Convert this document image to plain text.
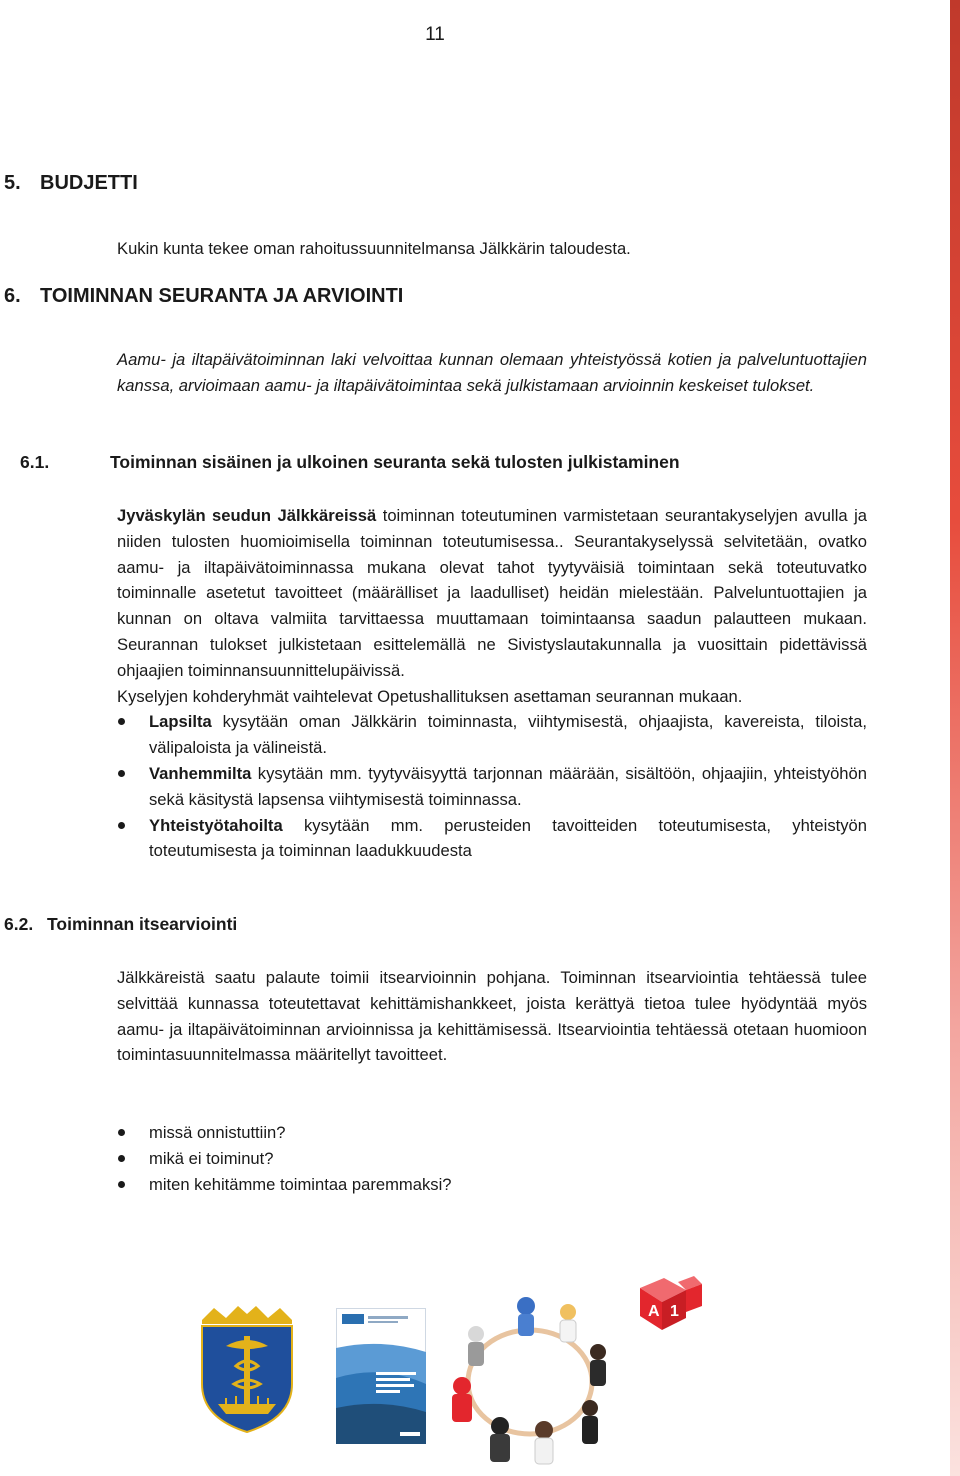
11
5. BUDJETTI
Kukin kunta tekee oman rahoitussuunnitelmansa Jälkkärin taloudesta.
6. TOIMINNAN SEURANTA JA ARVIOINTI
Aamu- ja iltapäivätoiminnan laki velvoittaa kunnan olemaan yhteistyössä kotien ja palveluntuottajien kanssa, arvioimaan aamu- ja iltapäivätoimintaa sekä julkistamaan arvioinnin keskeiset tulokset.
6.1.	Toiminnan sisäinen ja ulkoinen seuranta sekä tulosten julkistaminen

Jyväskylän seudun Jälkkäreissä toiminnan toteutuminen varmistetaan seurantakyselyjen avulla ja niiden tulosten huomioimisella toiminnan toteutumisessa.. Seurantakyselyssä selvitetään, ovatko aamu- ja iltapäivätoiminnassa mukana olevat tahot tyytyväisiä toimintaan sekä toteutuvatko toiminnalle asetetut tavoitteet (määrälliset ja laadulliset) heidän mielestään. Palveluntuottajien ja kunnan on oltava valmiita tarvittaessa muuttamaan toimintaansa saadun palautteen mukaan. Seurannan tulokset julkistetaan esittelemällä ne Sivistyslautakunnalla ja vuosittain pidettävissä ohjaajien toiminnansuunnittelupäivissä.

Kyselyjen kohderyhmät vaihtelevat Opetushallituksen asettaman seurannan mukaan.

Lapsilta kysytään oman Jälkkärin toiminnasta, viihtymisestä, ohjaajista, kavereista, tiloista, välipaloista ja välineistä.
Vanhemmilta kysytään mm. tyytyväisyyttä tarjonnan määrään, sisältöön, ohjaajiin, yhteistyöhön sekä käsitystä lapsensa viihtymisestä toiminnassa.
Yhteistyötahoilta kysytään mm. perusteiden tavoitteiden toteutumisesta, yhteistyön toteutumisesta ja toiminnan laadukkuudesta
6.2. Toiminnan itsearviointi

Jälkkäreistä saatu palaute toimii itsearvioinnin pohjana. Toiminnan itsearviointia tehtäessä tulee selvittää kunnassa toteutettavat kehittämishankkeet, joista kerättyä tietoa tulee hyödyntää myös aamu- ja iltapäivätoiminnan arvioinnissa ja kehittämisessä. Itsearviointia tehtäessä otetaan huomioon toimintasuunnitelmassa määritellyt tavoitteet.

missä onnistuttiin?
mikä ei toiminut?
miten kehitämme toimintaa paremmaksi?
A 1
